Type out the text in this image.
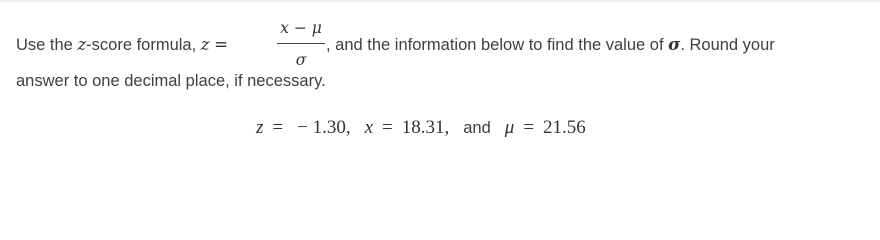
Use the z-score formula, z =
x − μ
σ
, and the information below to find the value of σ. Round your
answer to one decimal place, if necessary.
z = − 1.30, x = 18.31, and μ = 21.56
